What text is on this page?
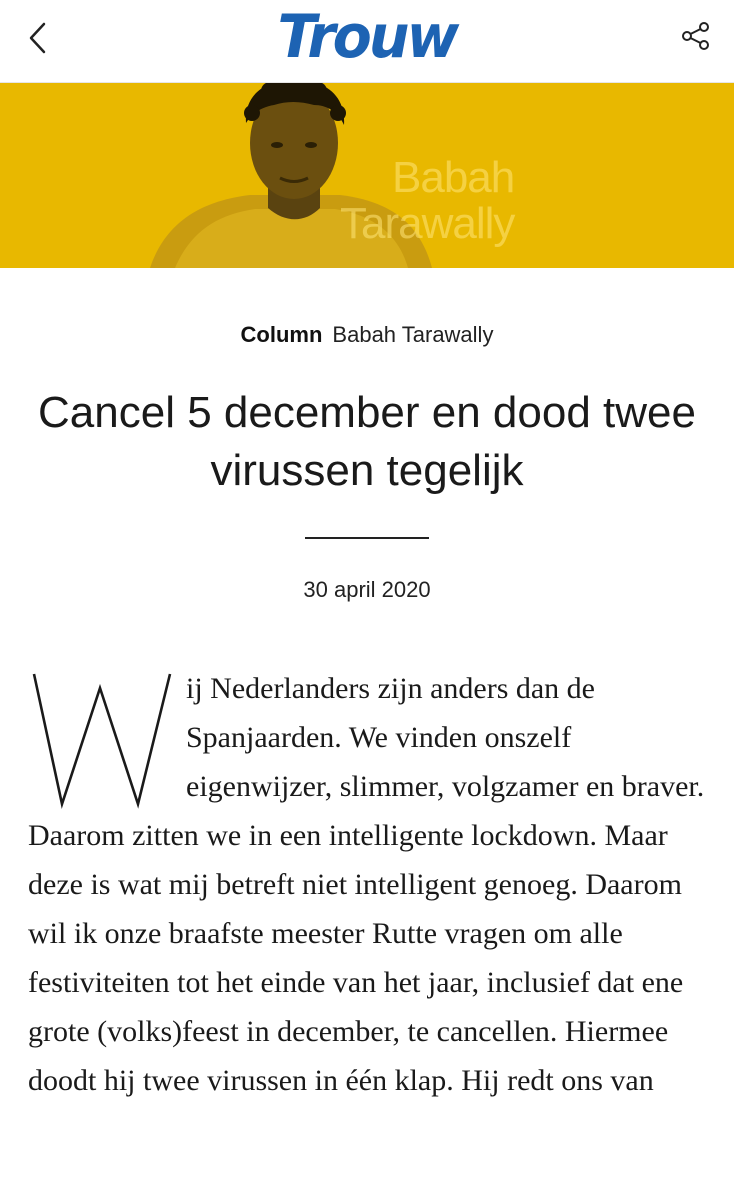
Trouw
Babah
Tarawally
Column Babah Tarawally
Cancel 5 december en dood twee virussen tegelijk
30 april 2020

ij Nederlanders zijn anders dan de Spanjaarden. We vinden onszelf eigenwijzer, slimmer, volgzamer en braver. Daarom zitten we in een intelligente lockdown. Maar deze is wat mij betreft niet intelligent genoeg. Daarom wil ik onze braafste meester Rutte vragen om alle festiviteiten tot het einde van het jaar, inclusief dat ene grote (volks)feest in december, te cancellen. Hiermee doodt hij twee virussen in één klap. Hij redt ons van
